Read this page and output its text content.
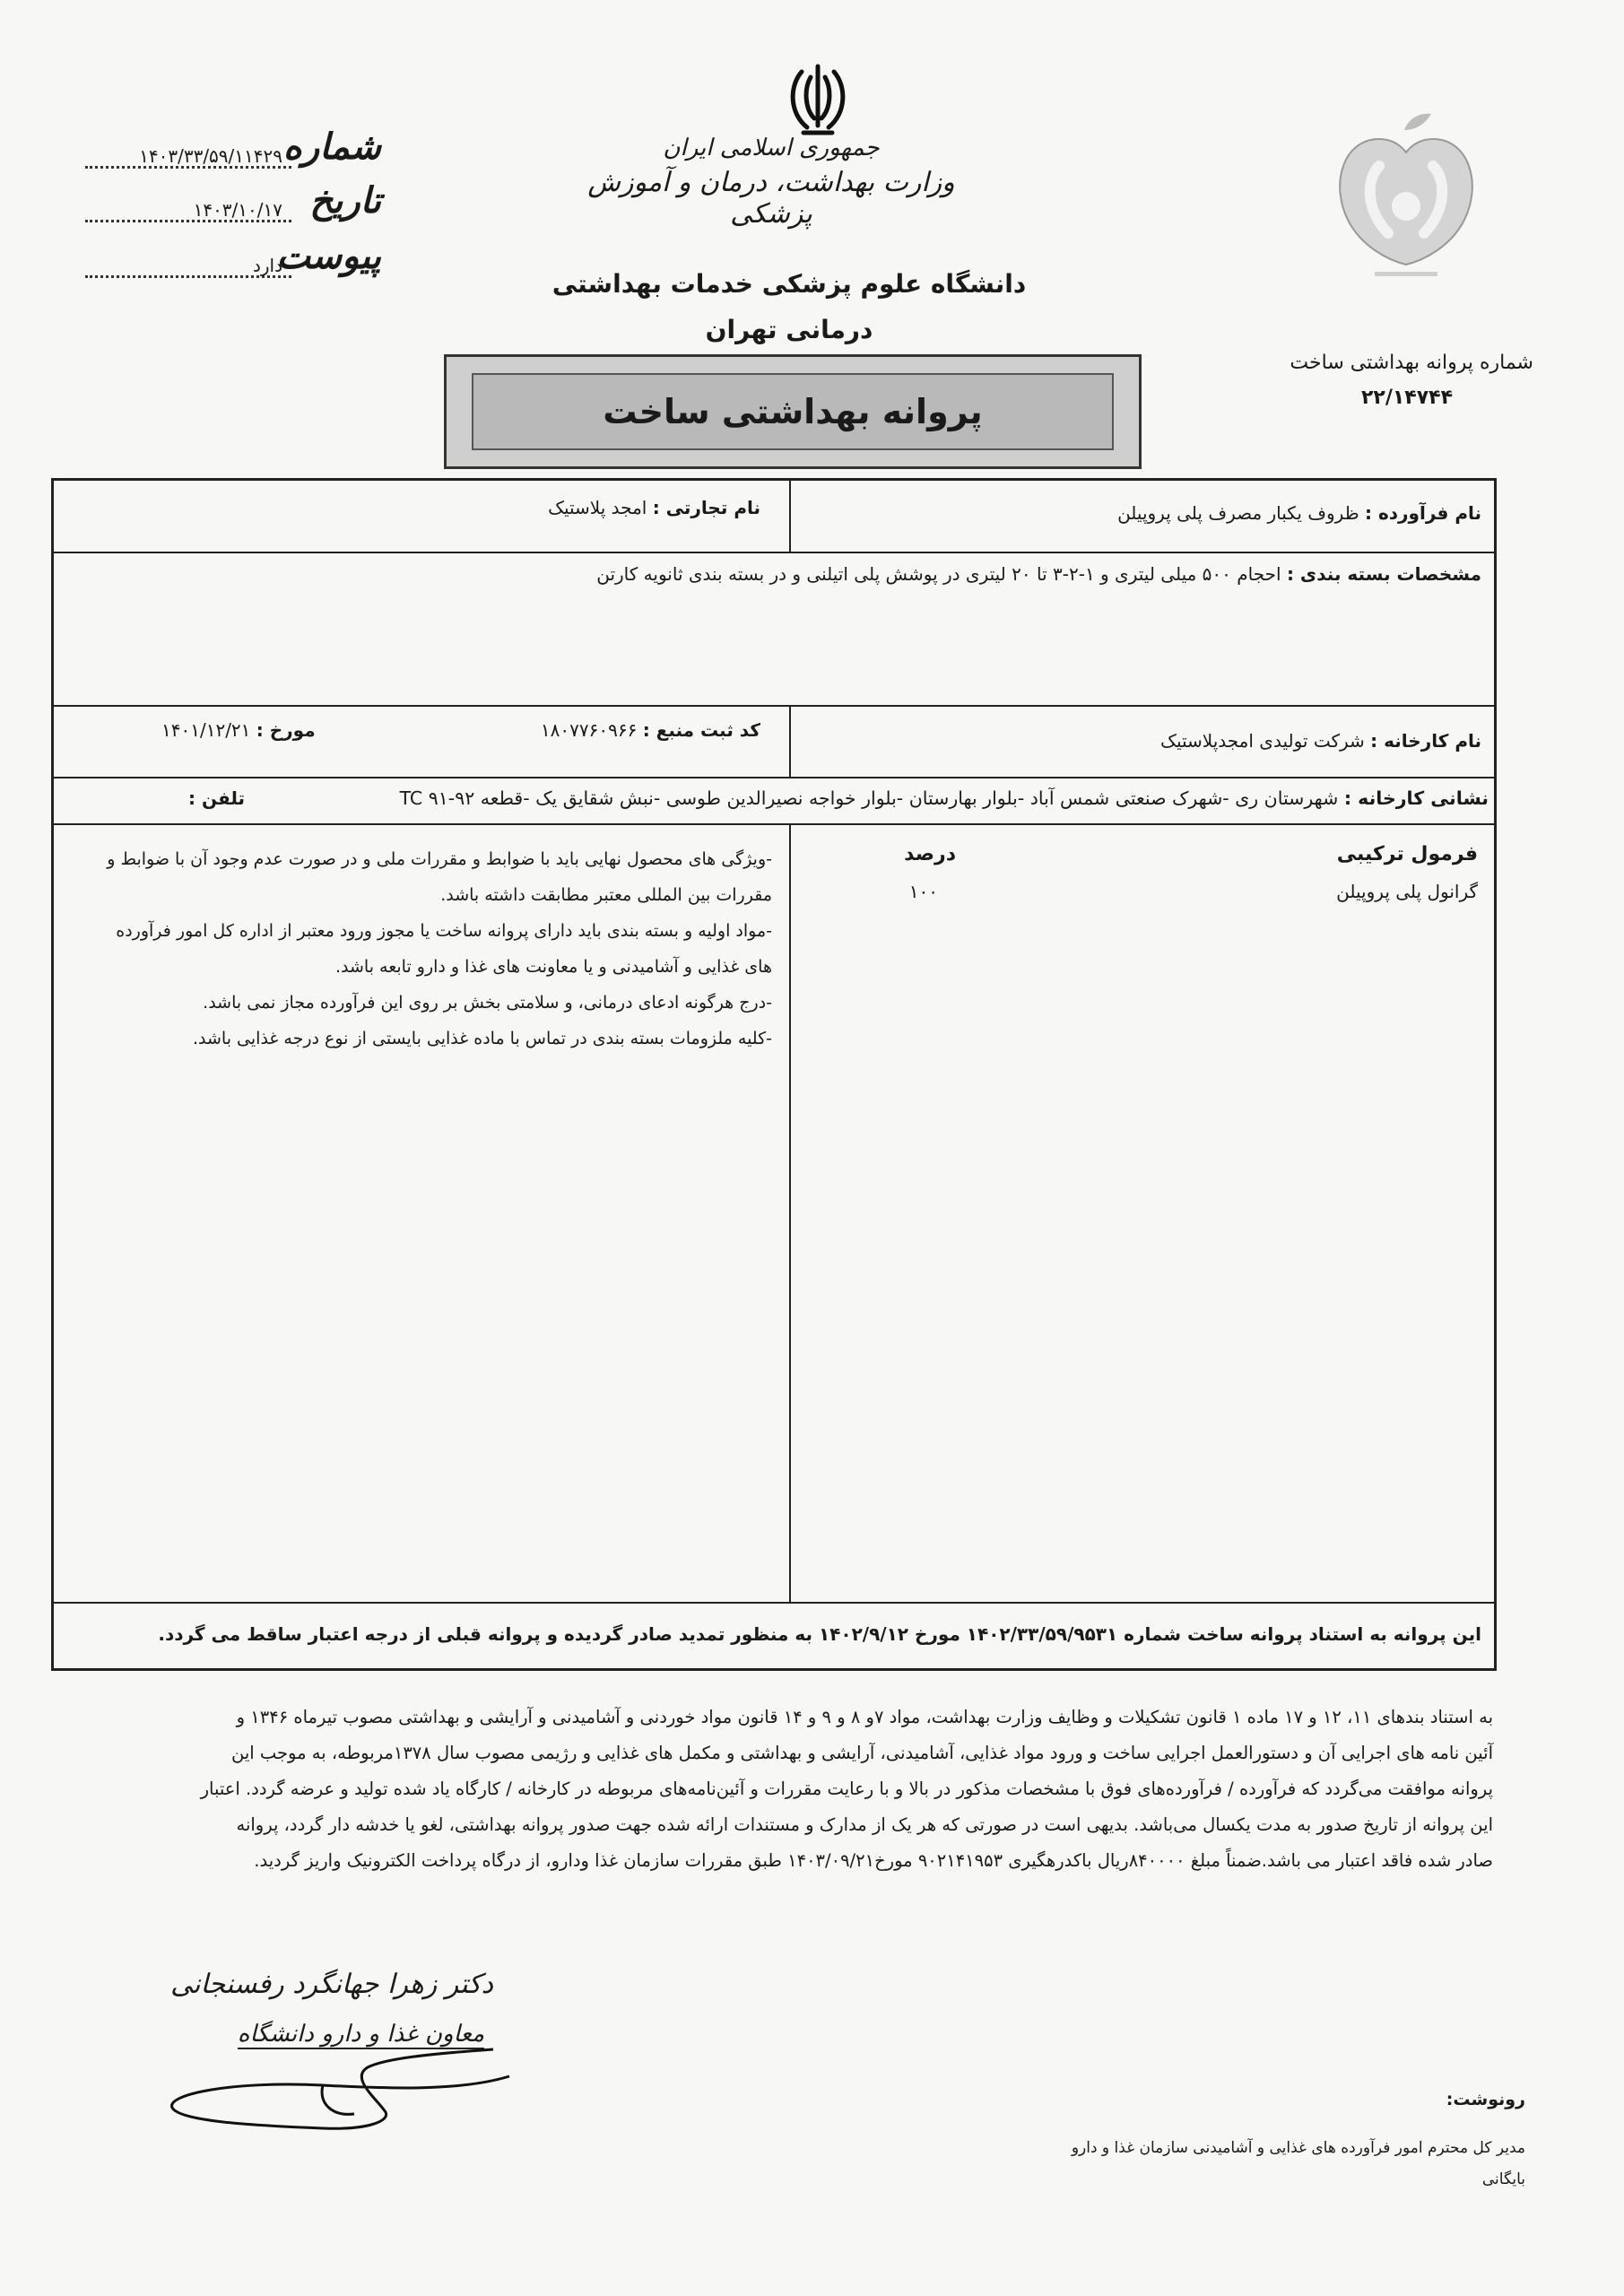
شماره
۱۴۰۳/۳۳/۵۹/۱۱۴۲۹
تاریخ
۱۴۰۳/۱۰/۱۷
پیوست
دارد
جمهوری اسلامی ایران
وزارت بهداشت، درمان و آموزش پزشکی
دانشگاه علوم پزشکی خدمات بهداشتی
درمانی تهران
شماره پروانه بهداشتی ساخت
۲۲/۱۴۷۴۴
پروانه بهداشتی ساخت
نام فرآورده : ظروف یکبار مصرف پلی پروپیلن
نام تجارتی : امجد پلاستیک
مشخصات بسته بندی : احجام ۵۰۰ میلی لیتری و ۱-۲-۳ تا ۲۰ لیتری در پوشش پلی اتیلنی و در بسته بندی ثانویه کارتن
نام کارخانه : شرکت تولیدی امجدپلاستیک
کد ثبت منبع : ۱۸۰۷۷۶۰۹۶۶
مورخ : ۱۴۰۱/۱۲/۲۱
نشانی کارخانه : شهرستان ری -شهرک صنعتی شمس آباد -بلوار بهارستان -بلوار خواجه نصیرالدین طوسی -نبش شقایق یک -قطعه ۹۲-۹۱ TC
تلفن :
فرمول ترکیبی
درصد
گرانول پلی پروپیلن
۱۰۰
-ویژگی های محصول نهایی باید با ضوابط و مقررات ملی و در صورت عدم وجود آن با ضوابط و
مقررات بین المللی معتبر مطابقت داشته باشد.
-مواد اولیه و بسته بندی باید دارای پروانه ساخت یا مجوز ورود معتبر از اداره کل امور فرآورده
های غذایی و آشامیدنی و یا معاونت های غذا و دارو تابعه باشد.
-درج هرگونه ادعای درمانی، و سلامتی بخش بر روی این فرآورده مجاز نمی باشد.
-کلیه ملزومات بسته بندی در تماس با ماده غذایی بایستی از نوع درجه غذایی باشد.
این پروانه به استناد پروانه ساخت شماره ۱۴۰۲/۳۳/۵۹/۹۵۳۱ مورخ ۱۴۰۲/۹/۱۲ به منظور تمدید صادر گردیده و پروانه قبلی از درجه اعتبار ساقط می گردد.
به استناد بندهای ۱۱، ۱۲ و ۱۷ ماده ۱ قانون تشکیلات و وظایف وزارت بهداشت، مواد ۷و ۸ و ۹ و ۱۴ قانون مواد خوردنی و آشامیدنی و آرایشی و بهداشتی مصوب تیرماه ۱۳۴۶ و
آئین نامه های اجرایی آن و دستورالعمل اجرایی ساخت و ورود مواد غذایی، آشامیدنی، آرایشی و بهداشتی و مکمل های غذایی و رژیمی مصوب سال ۱۳۷۸مربوطه، به موجب این
پروانه موافقت می‌گردد که فرآورده / فرآورده‌های فوق با مشخصات مذکور در بالا و با رعایت مقررات و آئین‌نامه‌های مربوطه در کارخانه / کارگاه یاد شده تولید و عرضه گردد. اعتبار
این پروانه از تاریخ صدور به مدت یکسال می‌باشد. بدیهی است در صورتی که هر یک از مدارک و مستندات ارائه شده جهت صدور پروانه بهداشتی، لغو یا خدشه دار گردد، پروانه
صادر شده فاقد اعتبار می باشد.ضمناً مبلغ ۸۴۰۰۰۰ریال باکدرهگیری ۹۰۲۱۴۱۹۵۳ مورخ۱۴۰۳/۰۹/۲۱ طبق مقررات سازمان غذا ودارو، از درگاه پرداخت الکترونیک واریز گردید.
دکتر زهرا جهانگرد رفسنجانی
معاون غذا و دارو دانشگاه
رونوشت:
مدیر کل محترم امور فرآورده های غذایی و آشامیدنی سازمان غذا و دارو
بایگانی
